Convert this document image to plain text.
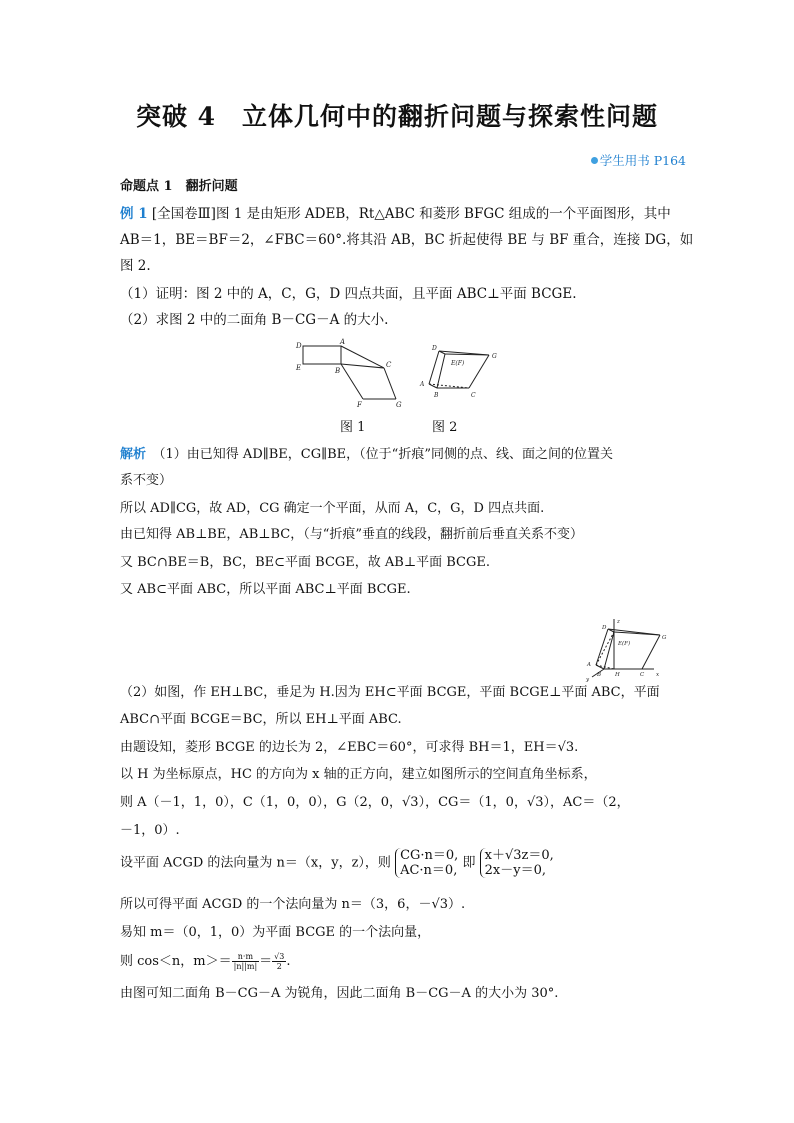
突破 4 立体几何中的翻折问题与探索性问题
学生用书 P164
命题点 1　翻折问题
例 1 [全国卷Ⅲ]图 1 是由矩形 ADEB，Rt△ABC 和菱形 BFGC 组成的一个平面图形，其中
AB＝1，BE＝BF＝2，∠FBC＝60°.将其沿 AB，BC 折起使得 BE 与 BF 重合，连接 DG，如
图 2.
（1）证明：图 2 中的 A，C，G，D 四点共面，且平面 ABC⊥平面 BCGE.
（2）求图 2 中的二面角 B－CG－A 的大小.
D	A
E	B
C
F	G
D
G
E(F)
A
B	C
图 1	图 2
解析　 （1）由已知得 AD∥BE，CG∥BE，（位于“折痕”同侧的点、线、面之间的位置关
系不变）
所以 AD∥CG，故 AD，CG 确定一个平面，从而 A，C，G，D 四点共面.
由已知得 AB⊥BE，AB⊥BC，（与“折痕”垂直的线段，翻折前后垂直关系不变）
又 BC∩BE＝B，BC，BE⊂平面 BCGE，故 AB⊥平面 BCGE.
又 AB⊂平面 ABC，所以平面 ABC⊥平面 BCGE.
D
z
G
E(F)
A
B	H	C x
y
（2）如图，作 EH⊥BC，垂足为 H.因为 EH⊂平面 BCGE，平面 BCGE⊥平面 ABC，平面
ABC∩平面 BCGE＝BC，所以 EH⊥平面 ABC.
由题设知，菱形 BCGE 的边长为 2，∠EBC＝60°，可求得 BH＝1，EH＝√3.
以 H 为坐标原点，HC 的方向为 x 轴的正方向，建立如图所示的空间直角坐标系，
则 A（－1，1，0），C（1，0，0），G（2，0，√3），CG＝（1，0，√3），AC＝（2，
－1，0）.
设平面 ACGD 的法向量为 n＝（x，y，z），则 CG·n＝0,
AC·n＝0, 即 x＋√3z＝0,
2x－y＝0,
所以可得平面 ACGD 的一个法向量为 n＝（3，6，－√3）.
易知 m＝（0，1，0）为平面 BCGE 的一个法向量，
则 cos＜n，$m>= \frac{n\cdot m}{|n||m|} = \frac{√3}{2}$ .
由图可知二面角 B－CG－A 为锐角，因此二面角 B－CG－A 的大小为 30°.
